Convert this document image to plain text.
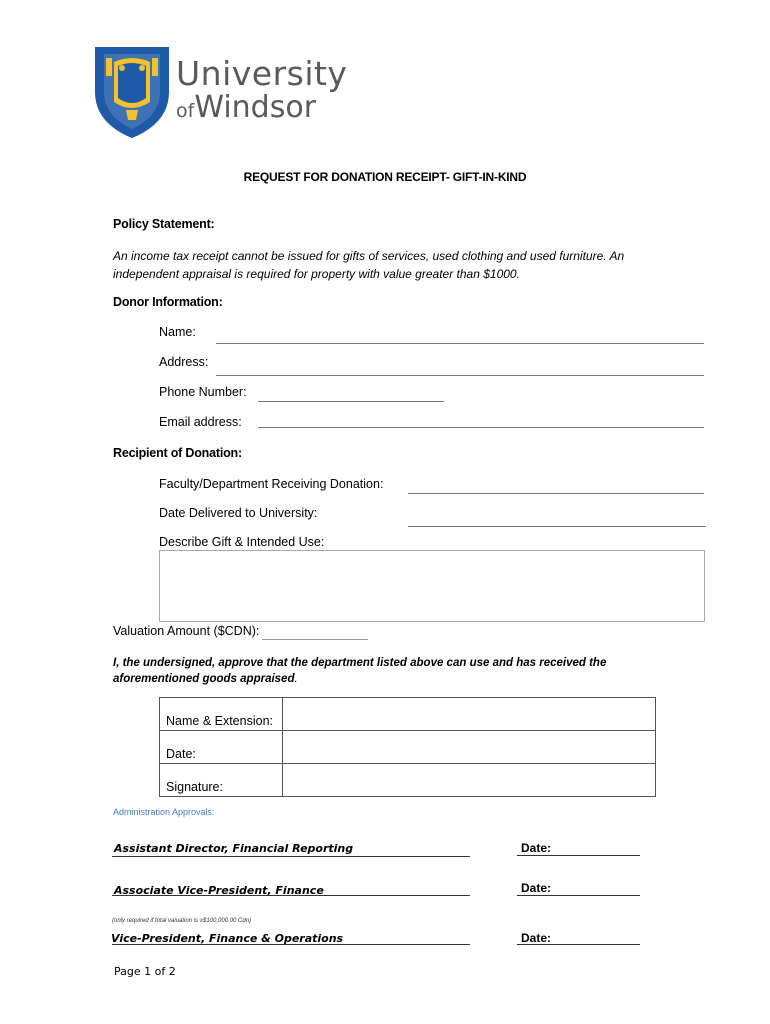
University
ofWindsor
REQUEST FOR DONATION RECEIPT- GIFT-IN-KIND
Policy Statement:
An income tax receipt cannot be issued for gifts of services, used clothing and used furniture. An independent appraisal is required for property with value greater than $1000.
Donor Information:
Name:
Address:
Phone Number:
Email address:
Recipient of Donation:
Faculty/Department Receiving Donation:
Date Delivered to University:
Describe Gift & Intended Use:
Valuation Amount ($CDN):
I, the undersigned, approve that the department listed above can use and has received the aforementioned goods appraised.
Name & Extension:	
Date:	
Signature:	
Administration Approvals:
Assistant Director, Financial Reporting	Date:
Associate Vice-President, Finance	Date:
(only required if total valuation is ≥$100,000.00 Cdn)
Vice-President, Finance & Operations	Date:
Page 1 of 2
